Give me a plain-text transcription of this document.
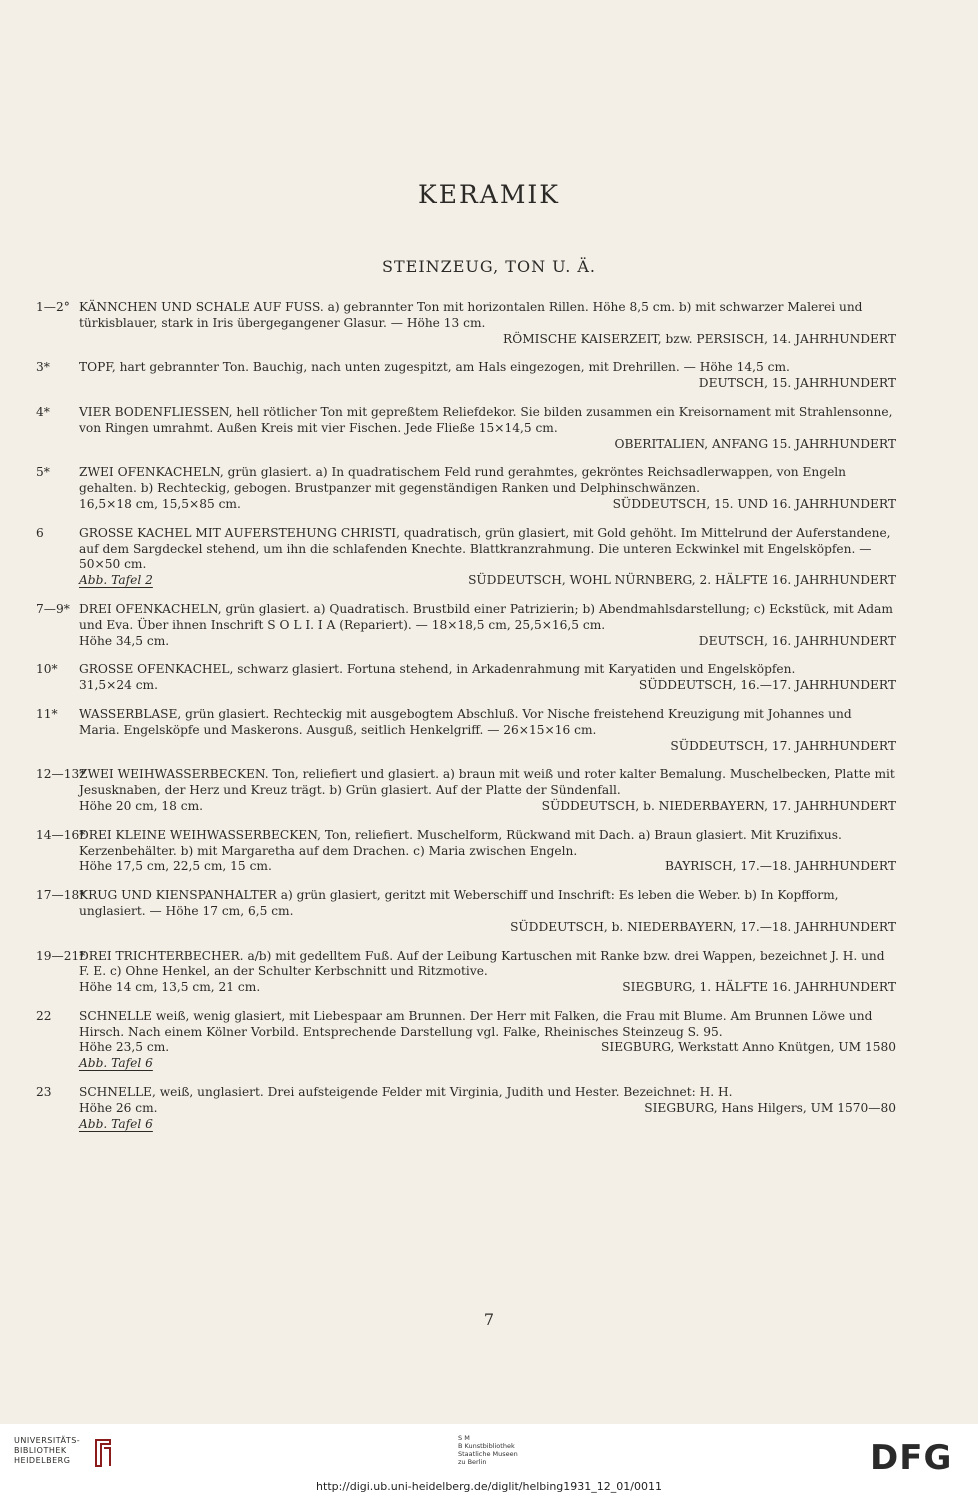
KERAMIK
STEINZEUG, TON U. Ä.
1—2° KÄNNCHEN UND SCHALE AUF FUSS. a) gebrannter Ton mit horizontalen Rillen. Höhe 8,5 cm. b) mit schwarzer Malerei und türkisblauer, stark in Iris übergegangener Glasur. — Höhe 13 cm.
RÖMISCHE KAISERZEIT, bzw. PERSISCH, 14. JAHRHUNDERT
3* TOPF, hart gebrannter Ton. Bauchig, nach unten zugespitzt, am Hals eingezogen, mit Drehrillen. — Höhe 14,5 cm.
DEUTSCH, 15. JAHRHUNDERT
4* VIER BODENFLIESSEN, hell rötlicher Ton mit gepreßtem Reliefdekor. Sie bilden zusammen ein Kreisornament mit Strahlensonne, von Ringen umrahmt. Außen Kreis mit vier Fischen. Jede Fließe 15×14,5 cm.
OBERITALIEN, ANFANG 15. JAHRHUNDERT
5* ZWEI OFENKACHELN, grün glasiert. a) In quadratischem Feld rund gerahmtes, gekröntes Reichsadlerwappen, von Engeln gehalten. b) Rechteckig, gebogen. Brustpanzer mit gegenständigen Ranken und Delphinschwänzen.
16,5×18 cm, 15,5×85 cm.	SÜDDEUTSCH, 15. UND 16. JAHRHUNDERT
6	GROSSE KACHEL MIT AUFERSTEHUNG CHRISTI, quadratisch, grün glasiert, mit Gold gehöht. Im Mittelrund der Auferstandene, auf dem Sargdeckel stehend, um ihn die schlafenden Knechte. Blattkranzrahmung. Die unteren Eckwinkel mit Engelsköpfen. — 50×50 cm.
Abb. Tafel 2	SÜDDEUTSCH, WOHL NÜRNBERG, 2. HÄLFTE 16. JAHRHUNDERT
7—9* DREI OFENKACHELN, grün glasiert. a) Quadratisch. Brustbild einer Patrizierin; b) Abendmahlsdarstellung; c) Eckstück, mit Adam und Eva. Über ihnen Inschrift S O L I. I A (Repariert). — 18×18,5 cm, 25,5×16,5 cm.
Höhe 34,5 cm.	DEUTSCH, 16. JAHRHUNDERT
10* GROSSE OFENKACHEL, schwarz glasiert. Fortuna stehend, in Arkadenrahmung mit Karyatiden und Engelsköpfen.
31,5×24 cm.	SÜDDEUTSCH, 16.—17. JAHRHUNDERT
11* WASSERBLASE, grün glasiert. Rechteckig mit ausgebogtem Abschluß. Vor Nische freistehend Kreuzigung mit Johannes und Maria. Engelsköpfe und Maskerons. Ausguß, seitlich Henkelgriff. — 26×15×16 cm.
SÜDDEUTSCH, 17. JAHRHUNDERT
12—13*
ZWEI WEIHWASSERBECKEN. Ton, reliefiert und glasiert. a) braun mit weiß und roter kalter Bemalung. Muschelbecken, Platte mit Jesusknaben, der Herz und Kreuz trägt. b) Grün glasiert. Auf der Platte der Sündenfall.
Höhe 20 cm, 18 cm.	SÜDDEUTSCH, b. NIEDERBAYERN, 17. JAHRHUNDERT
14—16*
DREI KLEINE WEIHWASSERBECKEN, Ton, reliefiert. Muschelform, Rückwand mit Dach. a) Braun glasiert. Mit Kruzifixus. Kerzenbehälter. b) mit Margaretha auf dem Drachen. c) Maria zwischen Engeln.
Höhe 17,5 cm, 22,5 cm, 15 cm.	BAYRISCH, 17.—18. JAHRHUNDERT
17—18*
KRUG UND KIENSPANHALTER a) grün glasiert, geritzt mit Weberschiff und Inschrift: Es leben die Weber. b) In Kopfform, unglasiert. — Höhe 17 cm, 6,5 cm.
SÜDDEUTSCH, b. NIEDERBAYERN, 17.—18. JAHRHUNDERT
19—21*
DREI TRICHTERBECHER. a/b) mit gedelltem Fuß. Auf der Leibung Kartuschen mit Ranke bzw. drei Wappen, bezeichnet J. H. und F. E. c) Ohne Henkel, an der Schulter Kerbschnitt und Ritzmotive.
Höhe 14 cm, 13,5 cm, 21 cm.	SIEGBURG, 1. HÄLFTE 16. JAHRHUNDERT
22 SCHNELLE weiß, wenig glasiert, mit Liebespaar am Brunnen. Der Herr mit Falken, die Frau mit Blume. Am Brunnen Löwe und Hirsch. Nach einem Kölner Vorbild. Entsprechende Darstellung vgl. Falke, Rheinisches Steinzeug S. 95.
Höhe 23,5 cm.	SIEGBURG, Werkstatt Anno Knütgen, UM 1580
Abb. Tafel 6
23 SCHNELLE, weiß, unglasiert. Drei aufsteigende Felder mit Virginia, Judith und Hester. Bezeichnet: H. H.
Höhe 26 cm.	SIEGBURG, Hans Hilgers, UM 1570—80
Abb. Tafel 6
7
UNIVERSITÄTS-
BIBLIOTHEK
HEIDELBERG
S M
B Kunstbibliothek
Staatliche Museen
zu Berlin	DFG
http://digi.ub.uni-heidelberg.de/diglit/helbing1931_12_01/0011
